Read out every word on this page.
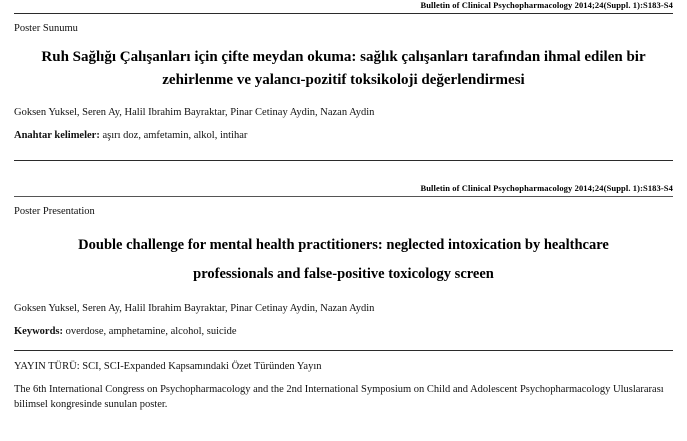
Bulletin of Clinical Psychopharmacology 2014;24(Suppl. 1):S183-S4
Poster Sunumu
Ruh Sağlığı Çalışanları için çifte meydan okuma: sağlık çalışanları tarafından ihmal edilen bir zehirlenme ve yalancı-pozitif toksikoloji değerlendirmesi
Goksen Yuksel, Seren Ay, Halil Ibrahim Bayraktar, Pinar Cetinay Aydin, Nazan Aydin
Anahtar kelimeler: aşırı doz, amfetamin, alkol, intihar
Bulletin of Clinical Psychopharmacology 2014;24(Suppl. 1):S183-S4
Poster Presentation
Double challenge for mental health practitioners: neglected intoxication by healthcare
professionals and false-positive toxicology screen
Goksen Yuksel, Seren Ay, Halil Ibrahim Bayraktar, Pinar Cetinay Aydin, Nazan Aydin
Keywords: overdose, amphetamine, alcohol, suicide
YAYIN TÜRÜ: SCI, SCI-Expanded Kapsamındaki Özet Türünden Yayın
The 6th International Congress on Psychopharmacology and the 2nd International Symposium on Child and Adolescent Psychopharmacology Uluslararası bilimsel kongresinde sunulan poster.
